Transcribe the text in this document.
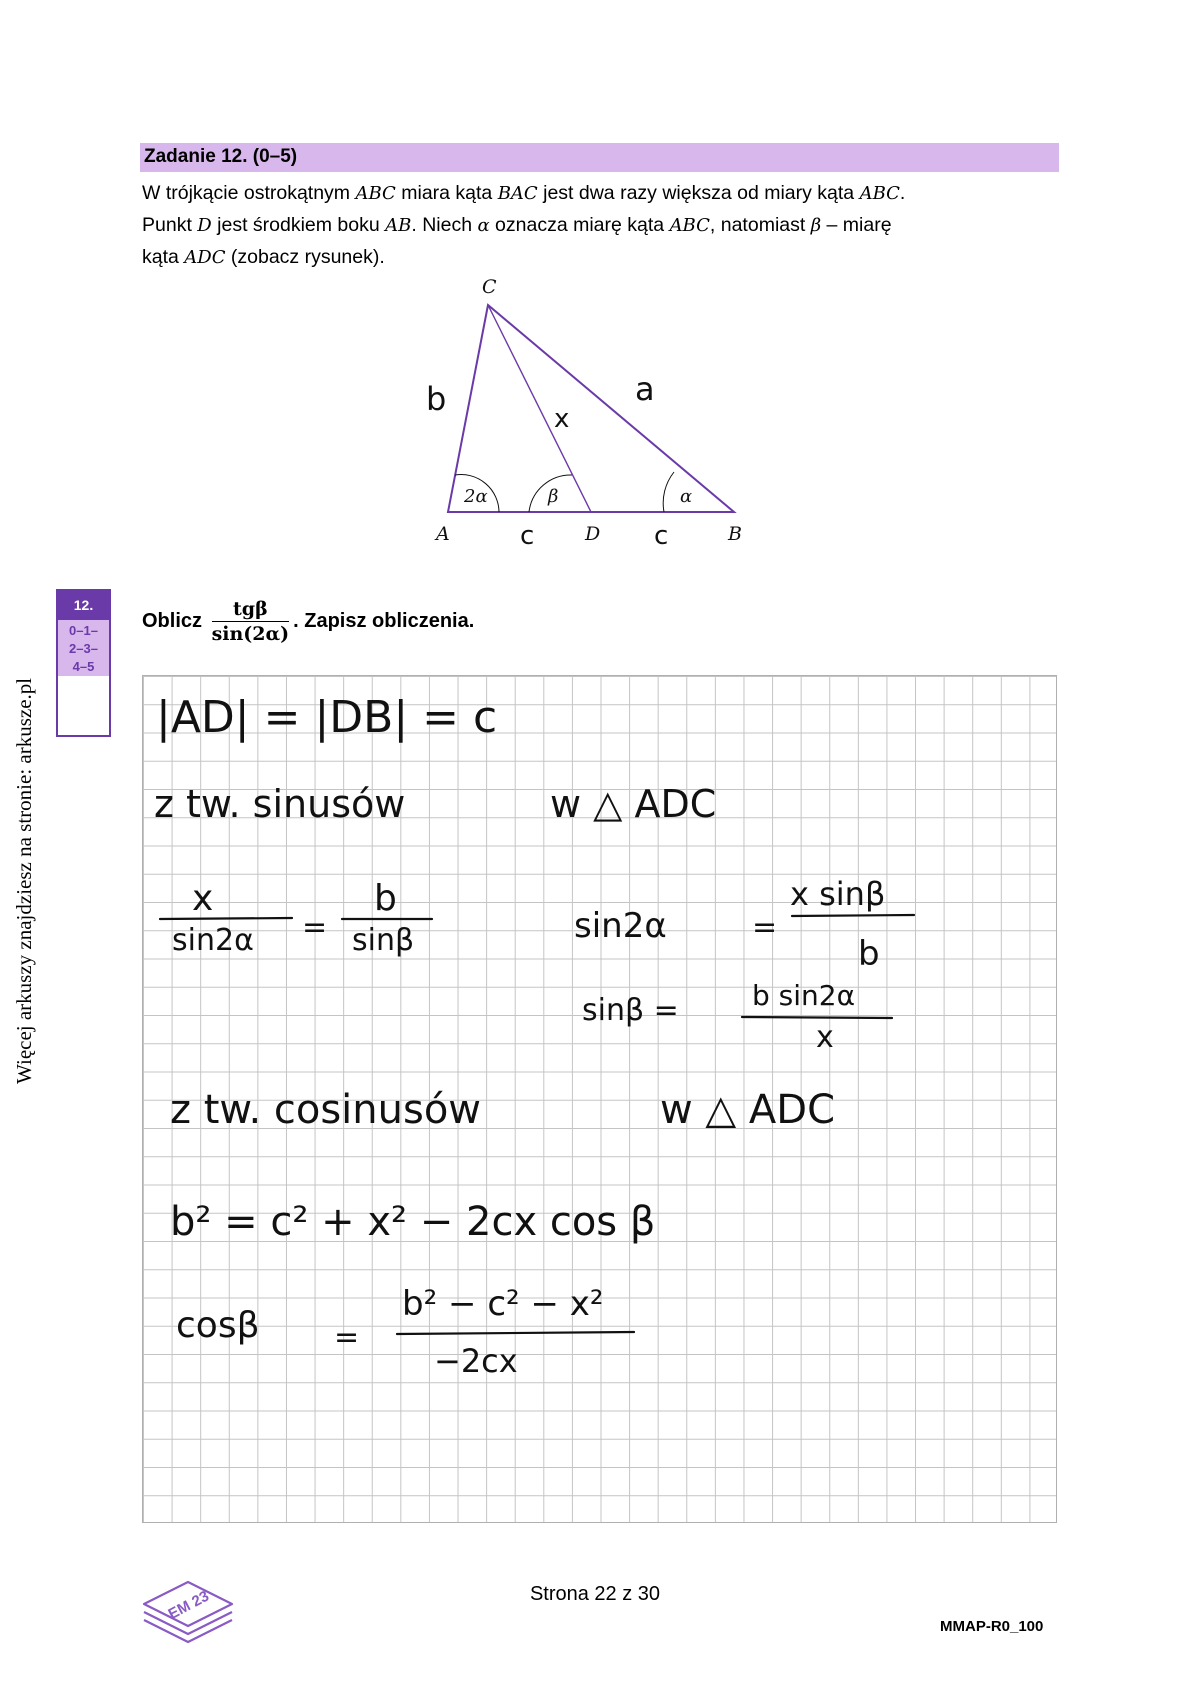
Więcej arkuszy znajdziesz na stronie: arkusze.pl
Zadanie 12. (0–5)
W trójkącie ostrokątnym ABC miara kąta BAC jest dwa razy większa od miary kąta ABC.
Punkt D jest środkiem boku AB. Niech α oznacza miarę kąta ABC, natomiast β – miarę
kąta ADC (zobacz rysunek).
C
A	D	B
2α	β	α
b	a
x
c	c
12.
0–1–
2–3–
4–5
Oblicz $\frac{\text{tgβ}}{\sin(2\alpha)}$ . Zapisz obliczenia.
|AD| = |DB| = c
z tw. sinusów	w △ ADC
x
sin2α =
b
sinβ	sin2α	=
x sinβ
b
sinβ =	b sin2α
x
z tw. cosinusów	w △ ADC
b² = c² + x² − 2cx cos β
cosβ =
b² − c² − x²
−2cx
EM 23	Strona 22 z 30
MMAP-R0_100
